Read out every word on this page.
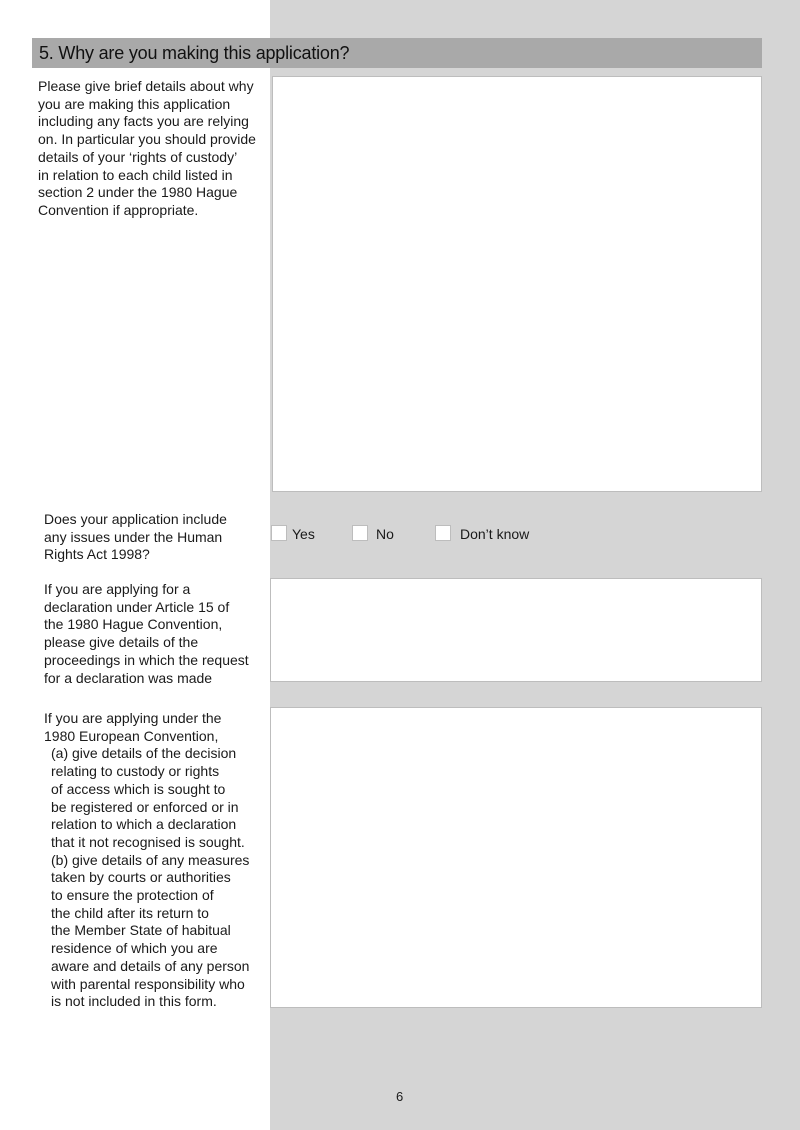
5. Why are you making this application?
Please give brief details about why
you are making this application
including any facts you are relying
on. In particular you should provide
details of your ‘rights of custody’
in relation to each child listed in
section 2 under the 1980 Hague
Convention if appropriate.
Does your application include
any issues under the Human
Rights Act 1998?
Yes	No	Don’t know
If you are applying for a
declaration under Article 15 of
the 1980 Hague Convention,
please give details of the
proceedings in which the request
for a declaration was made
If you are applying under the
1980 European Convention,
(a) give details of the decision
relating to custody or rights
of access which is sought to
be registered or enforced or in
relation to which a declaration
that it not recognised is sought.
(b) give details of any measures
taken by courts or authorities
to ensure the protection of
the child after its return to
the Member State of habitual
residence of which you are
aware and details of any person
with parental responsibility who
is not included in this form.
6
